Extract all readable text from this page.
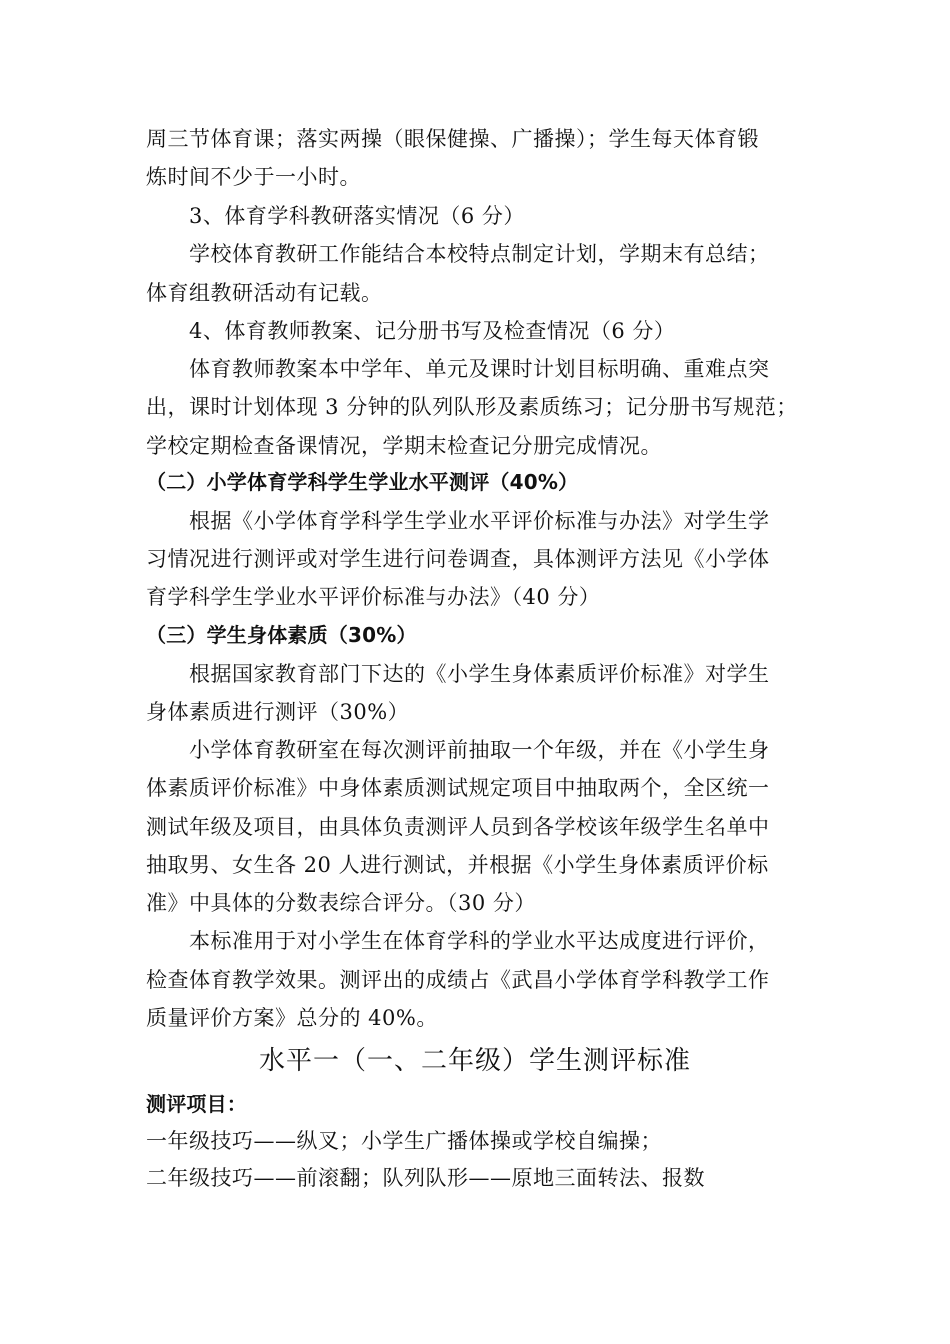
周三节体育课；落实两操（眼保健操、广播操）；学生每天体育锻
炼时间不少于一小时。
3、体育学科教研落实情况（6 分）
学校体育教研工作能结合本校特点制定计划，学期末有总结；
体育组教研活动有记载。
4、体育教师教案、记分册书写及检查情况（6 分）
体育教师教案本中学年、单元及课时计划目标明确、重难点突
出，课时计划体现 3 分钟的队列队形及素质练习；记分册书写规范；
学校定期检查备课情况，学期末检查记分册完成情况。
（二）小学体育学科学生学业水平测评（40%）
根据《小学体育学科学生学业水平评价标准与办法》对学生学
习情况进行测评或对学生进行问卷调查，具体测评方法见《小学体
育学科学生学业水平评价标准与办法》（40 分）
（三）学生身体素质（30%）
根据国家教育部门下达的《小学生身体素质评价标准》对学生
身体素质进行测评（30%）
小学体育教研室在每次测评前抽取一个年级，并在《小学生身
体素质评价标准》中身体素质测试规定项目中抽取两个，全区统一
测试年级及项目，由具体负责测评人员到各学校该年级学生名单中
抽取男、女生各 20 人进行测试，并根据《小学生身体素质评价标
准》中具体的分数表综合评分。（30 分）
本标准用于对小学生在体育学科的学业水平达成度进行评价，
检查体育教学效果。测评出的成绩占《武昌小学体育学科教学工作
质量评价方案》总分的 40%。
水平一（一、二年级）学生测评标准
测评项目：
一年级技巧——纵叉；小学生广播体操或学校自编操；
二年级技巧——前滚翻；队列队形——原地三面转法、报数
